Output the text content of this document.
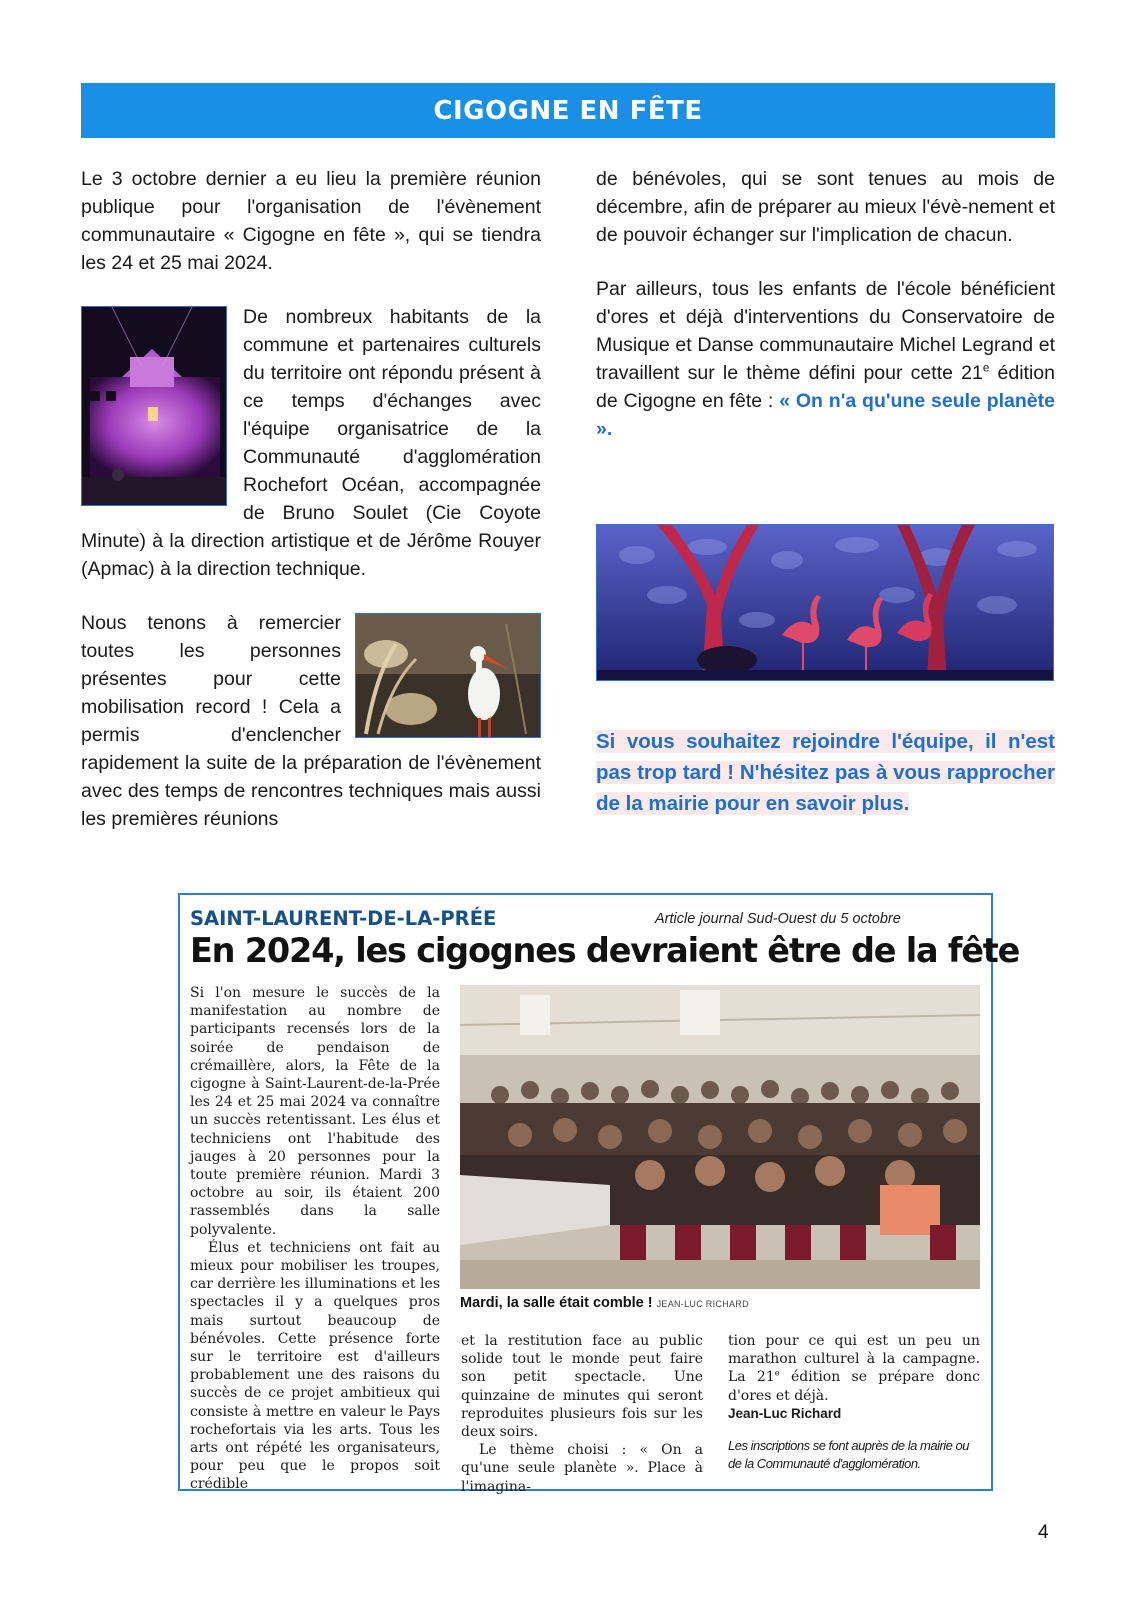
CIGOGNE EN FÊTE

Le 3 octobre dernier a eu lieu la première réunion publique pour l'organisation de l'évènement communautaire « Cigogne en fête », qui se tiendra les 24 et 25 mai 2024.

De nombreux habitants de la commune et partenaires culturels du territoire ont répondu présent à ce temps d'échanges avec l'équipe organisatrice de la Communauté d'agglomération Rochefort Océan, accompagnée de Bruno Soulet (Cie Coyote Minute) à la direction artistique et de Jérôme Rouyer (Apmac) à la direction technique.

Nous tenons à remercier toutes les personnes présentes pour cette mobilisation record ! Cela a permis d'enclencher rapidement la suite de la préparation de l'évènement avec des temps de rencontres techniques mais aussi les premières réunions

de bénévoles, qui se sont tenues au mois de décembre, afin de préparer au mieux l'évè-nement et de pouvoir échanger sur l'implication de chacun.

Par ailleurs, tous les enfants de l'école bénéficient d'ores et déjà d'interventions du Conservatoire de Musique et Danse communautaire Michel Legrand et travaillent sur le thème défini pour cette 21e édition de Cigogne en fête : « On n'a qu'une seule planète ».

Si vous souhaitez rejoindre l'équipe, il n'est pas trop tard ! N'hésitez pas à vous rapprocher de la mairie pour en savoir plus.
SAINT-LAURENT-DE-LA-PRÉE	Article journal Sud-Ouest du 5 octobre
En 2024, les cigognes devraient être de la fête

Si l'on mesure le succès de la manifestation au nombre de participants recensés lors de la soirée de pendaison de crémaillère, alors, la Fête de la cigogne à Saint-Laurent-de-la-Prée les 24 et 25 mai 2024 va connaître un succès retentissant. Les élus et techniciens ont l'habitude des jauges à 20 personnes pour la toute première réunion. Mardi 3 octobre au soir, ils étaient 200 rassemblés dans la salle polyvalente.

Élus et techniciens ont fait au mieux pour mobiliser les troupes, car derrière les illuminations et les spectacles il y a quelques pros mais surtout beaucoup de bénévoles. Cette présence forte sur le territoire est d'ailleurs probablement une des raisons du succès de ce projet ambitieux qui consiste à mettre en valeur le Pays rochefortais via les arts. Tous les arts ont répété les organisateurs, pour peu que le propos soit crédible

Mardi, la salle était comble ! JEAN-LUC RICHARD

et la restitution face au public solide tout le monde peut faire son petit spectacle. Une quinzaine de minutes qui seront reproduites plusieurs fois sur les deux soirs.

Le thème choisi : « On a qu'une seule planète ». Place à l'imagina-

tion pour ce qui est un peu un marathon culturel à la campagne. La 21e édition se prépare donc d'ores et déjà.

Jean-Luc Richard

Les inscriptions se font auprès de la mairie ou de la Communauté d'agglomération.

4
